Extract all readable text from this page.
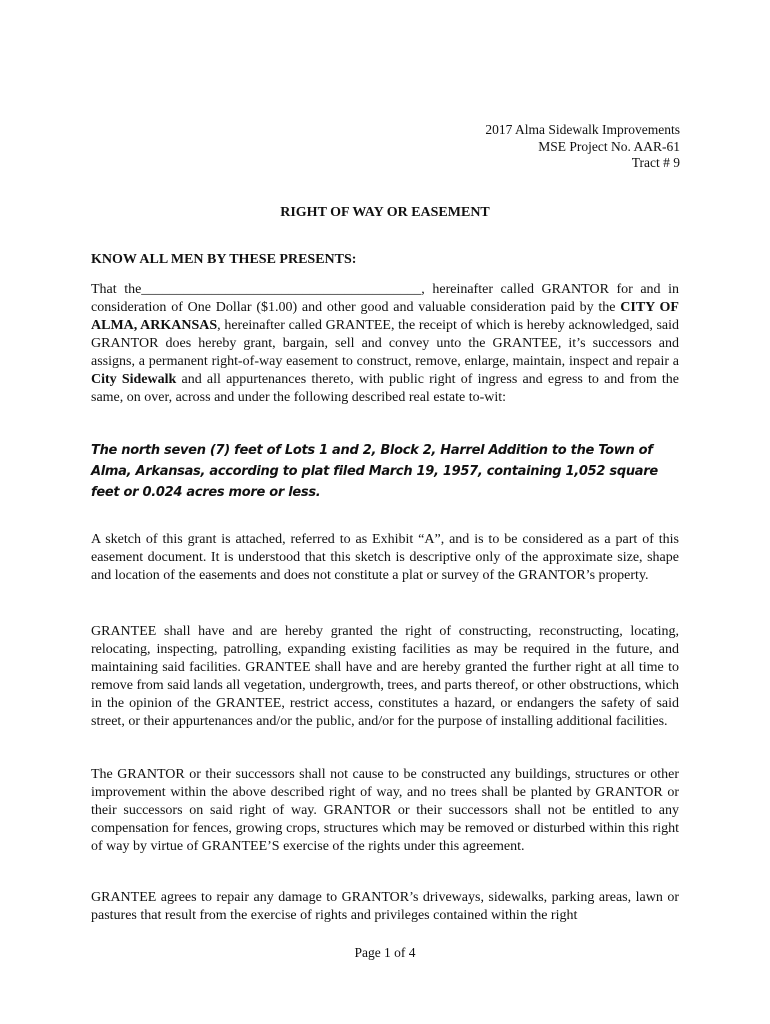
2017 Alma Sidewalk Improvements
MSE Project No. AAR-61
Tract # 9
RIGHT OF WAY OR EASEMENT
KNOW ALL MEN BY THESE PRESENTS:
That the________________________________________, hereinafter called GRANTOR for and in consideration of One Dollar ($1.00) and other good and valuable consideration paid by the CITY OF ALMA, ARKANSAS, hereinafter called GRANTEE, the receipt of which is hereby acknowledged, said GRANTOR does hereby grant, bargain, sell and convey unto the GRANTEE, it’s successors and assigns, a permanent right-of-way easement to construct, remove, enlarge, maintain, inspect and repair a City Sidewalk and all appurtenances thereto, with public right of ingress and egress to and from the same, on over, across and under the following described real estate to-wit:
The north seven (7) feet of Lots 1 and 2, Block 2, Harrel Addition to the Town of Alma, Arkansas, according to plat filed March 19, 1957, containing 1,052 square feet or 0.024 acres more or less.
A sketch of this grant is attached, referred to as Exhibit “A”, and is to be considered as a part of this easement document. It is understood that this sketch is descriptive only of the approximate size, shape and location of the easements and does not constitute a plat or survey of the GRANTOR’s property.
GRANTEE shall have and are hereby granted the right of constructing, reconstructing, locating, relocating, inspecting, patrolling, expanding existing facilities as may be required in the future, and maintaining said facilities. GRANTEE shall have and are hereby granted the further right at all time to remove from said lands all vegetation, undergrowth, trees, and parts thereof, or other obstructions, which in the opinion of the GRANTEE, restrict access, constitutes a hazard, or endangers the safety of said street, or their appurtenances and/or the public, and/or for the purpose of installing additional facilities.
The GRANTOR or their successors shall not cause to be constructed any buildings, structures or other improvement within the above described right of way, and no trees shall be planted by GRANTOR or their successors on said right of way. GRANTOR or their successors shall not be entitled to any compensation for fences, growing crops, structures which may be removed or disturbed within this right of way by virtue of GRANTEE’S exercise of the rights under this agreement.
GRANTEE agrees to repair any damage to GRANTOR’s driveways, sidewalks, parking areas, lawn or pastures that result from the exercise of rights and privileges contained within the right
Page 1 of 4
